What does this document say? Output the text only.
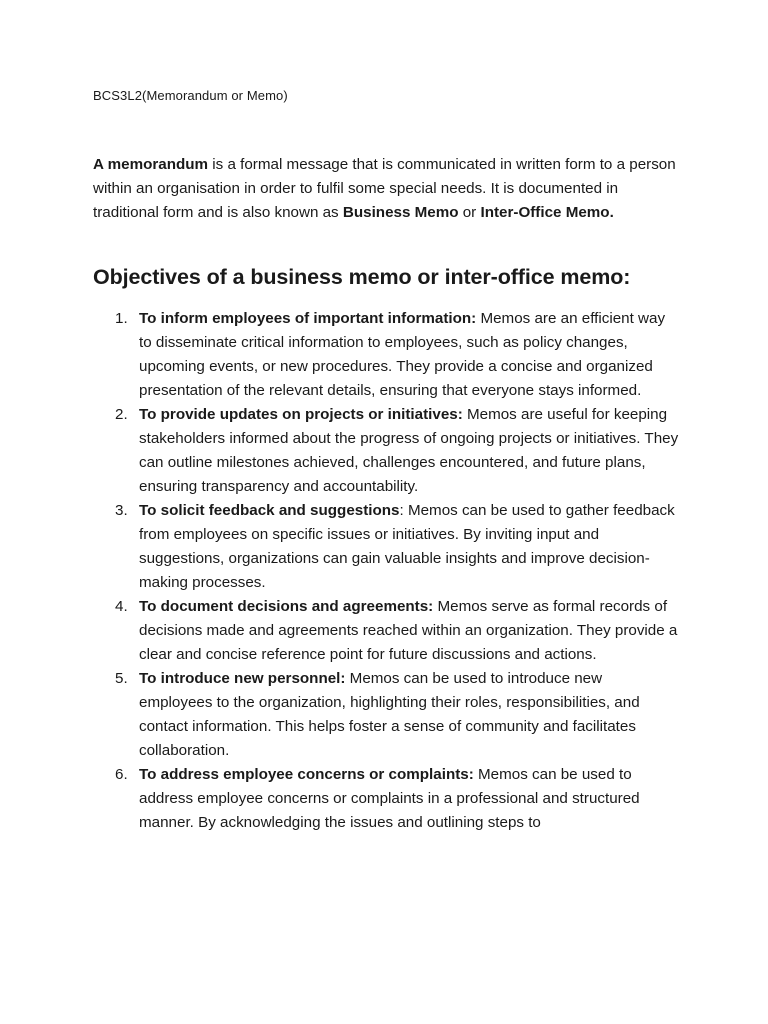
BCS3L2(Memorandum or Memo)

A memorandum is a formal message that is communicated in written form to a person within an organisation in order to fulfil some special needs. It is documented in traditional form and is also known as Business Memo or Inter-Office Memo.

Objectives of a business memo or inter-office memo:
1. To inform employees of important information: Memos are an efficient way to disseminate critical information to employees, such as policy changes, upcoming events, or new procedures. They provide a concise and organized presentation of the relevant details, ensuring that everyone stays informed.
2. To provide updates on projects or initiatives: Memos are useful for keeping stakeholders informed about the progress of ongoing projects or initiatives. They can outline milestones achieved, challenges encountered, and future plans, ensuring transparency and accountability.
3. To solicit feedback and suggestions: Memos can be used to gather feedback from employees on specific issues or initiatives. By inviting input and suggestions, organizations can gain valuable insights and improve decision-making processes.
4. To document decisions and agreements: Memos serve as formal records of decisions made and agreements reached within an organization. They provide a clear and concise reference point for future discussions and actions.
5. To introduce new personnel: Memos can be used to introduce new employees to the organization, highlighting their roles, responsibilities, and contact information. This helps foster a sense of community and facilitates collaboration.
6. To address employee concerns or complaints: Memos can be used to address employee concerns or complaints in a professional and structured manner. By acknowledging the issues and outlining steps to
